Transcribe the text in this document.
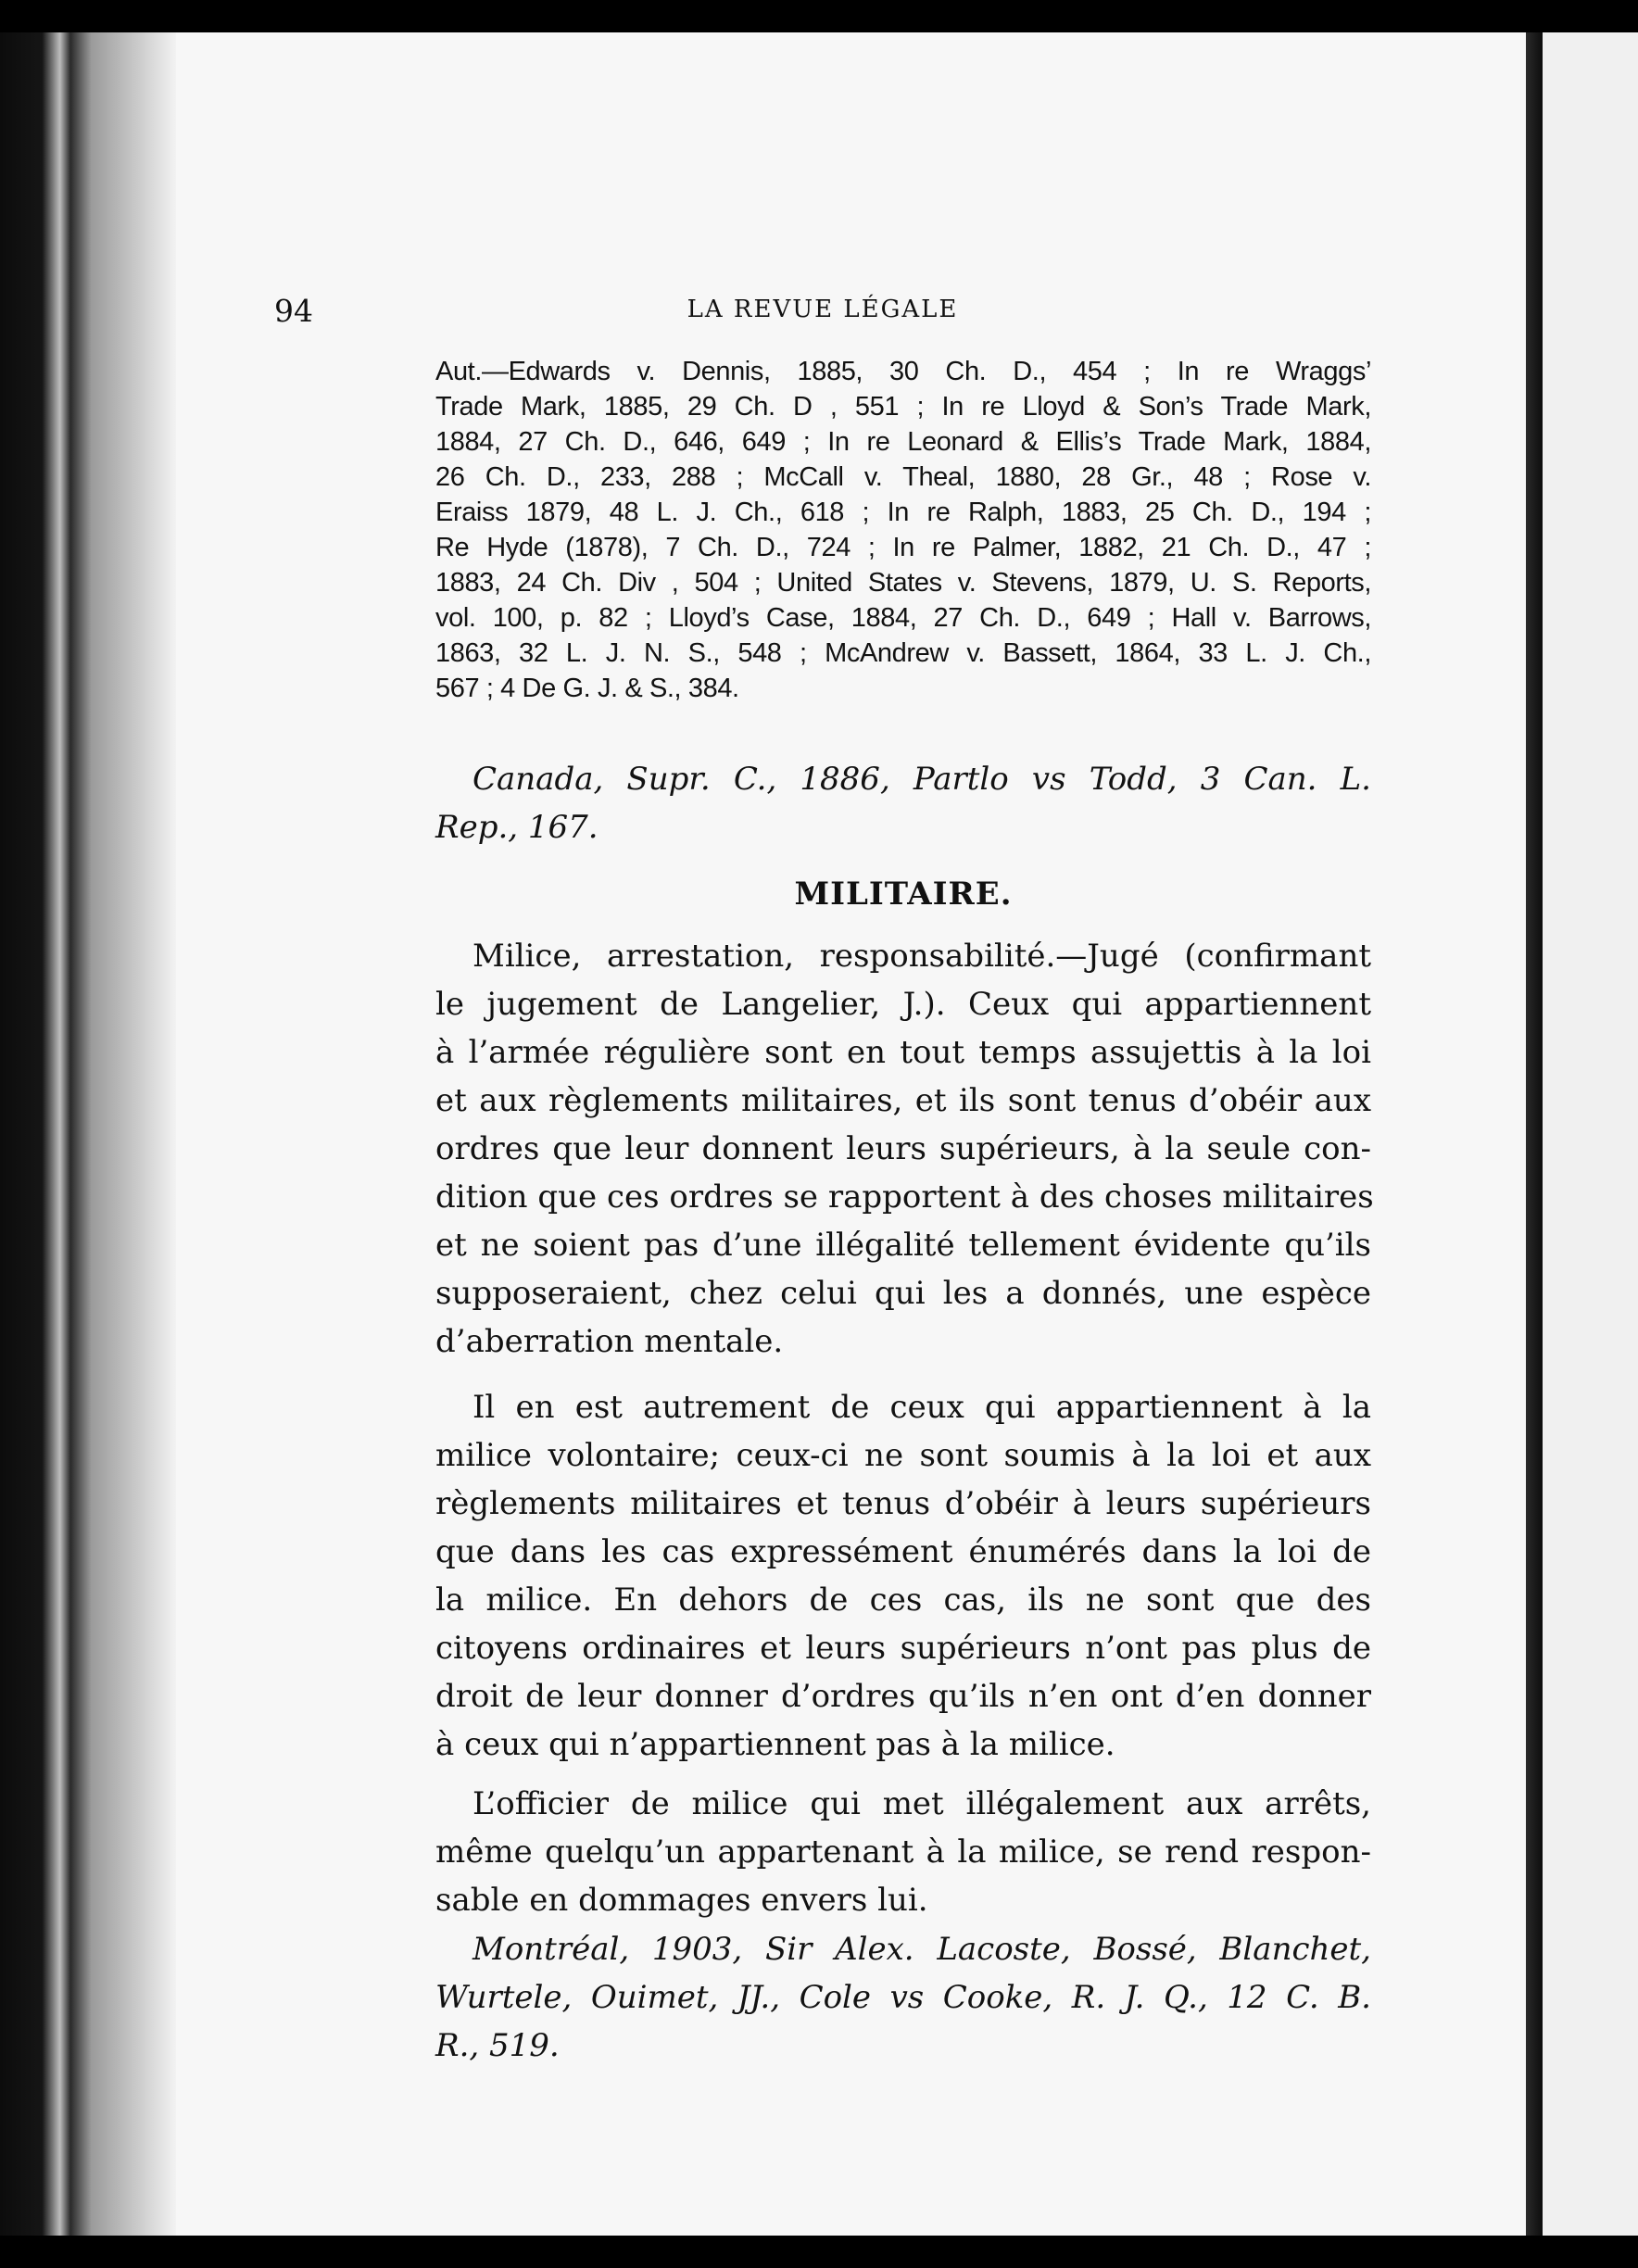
94	LA REVUE LÉGALE

Aut.—Edwards v. Dennis, 1885, 30 Ch. D., 454 ; In re Wraggs’

Trade Mark, 1885, 29 Ch. D , 551 ; In re Lloyd & Son’s Trade Mark,

1884, 27 Ch. D., 646, 649 ; In re Leonard & Ellis’s Trade Mark, 1884,

26 Ch. D., 233, 288 ; McCall v. Theal, 1880, 28 Gr., 48 ; Rose v.

Eraiss 1879, 48 L. J. Ch., 618 ; In re Ralph, 1883, 25 Ch. D., 194 ;

Re Hyde (1878), 7 Ch. D., 724 ; In re Palmer, 1882, 21 Ch. D., 47 ;

1883, 24 Ch. Div , 504 ; United States v. Stevens, 1879, U. S. Reports,

vol. 100, p. 82 ; Lloyd’s Case, 1884, 27 Ch. D., 649 ; Hall v. Barrows,

1863, 32 L. J. N. S., 548 ; McAndrew v. Bassett, 1864, 33 L. J. Ch.,

567 ; 4 De G. J. & S., 384.

Canada, Supr. C., 1886, Partlo vs Todd, 3 Can. L.

Rep., 167.

MILITAIRE.

Milice, arrestation, responsabilité.—Jugé (confirmant

le jugement de Langelier, J.). Ceux qui appartiennent

à l’armée régulière sont en tout temps assujettis à la loi

et aux règlements militaires, et ils sont tenus d’obéir aux

ordres que leur donnent leurs supérieurs, à la seule con-

dition que ces ordres se rapportent à des choses militaires

et ne soient pas d’une illégalité tellement évidente qu’ils

supposeraient, chez celui qui les a donnés, une espèce

d’aberration mentale.

Il en est autrement de ceux qui appartiennent à la

milice volontaire; ceux-ci ne sont soumis à la loi et aux

règlements militaires et tenus d’obéir à leurs supérieurs

que dans les cas expressément énumérés dans la loi de

la milice. En dehors de ces cas, ils ne sont que des

citoyens ordinaires et leurs supérieurs n’ont pas plus de

droit de leur donner d’ordres qu’ils n’en ont d’en donner

à ceux qui n’appartiennent pas à la milice.

L’officier de milice qui met illégalement aux arrêts,

même quelqu’un appartenant à la milice, se rend respon-

sable en dommages envers lui.

Montréal, 1903, Sir Alex. Lacoste, Bossé, Blanchet,

Wurtele, Ouimet, JJ., Cole vs Cooke, R. J. Q., 12 C. B.

R., 519.
